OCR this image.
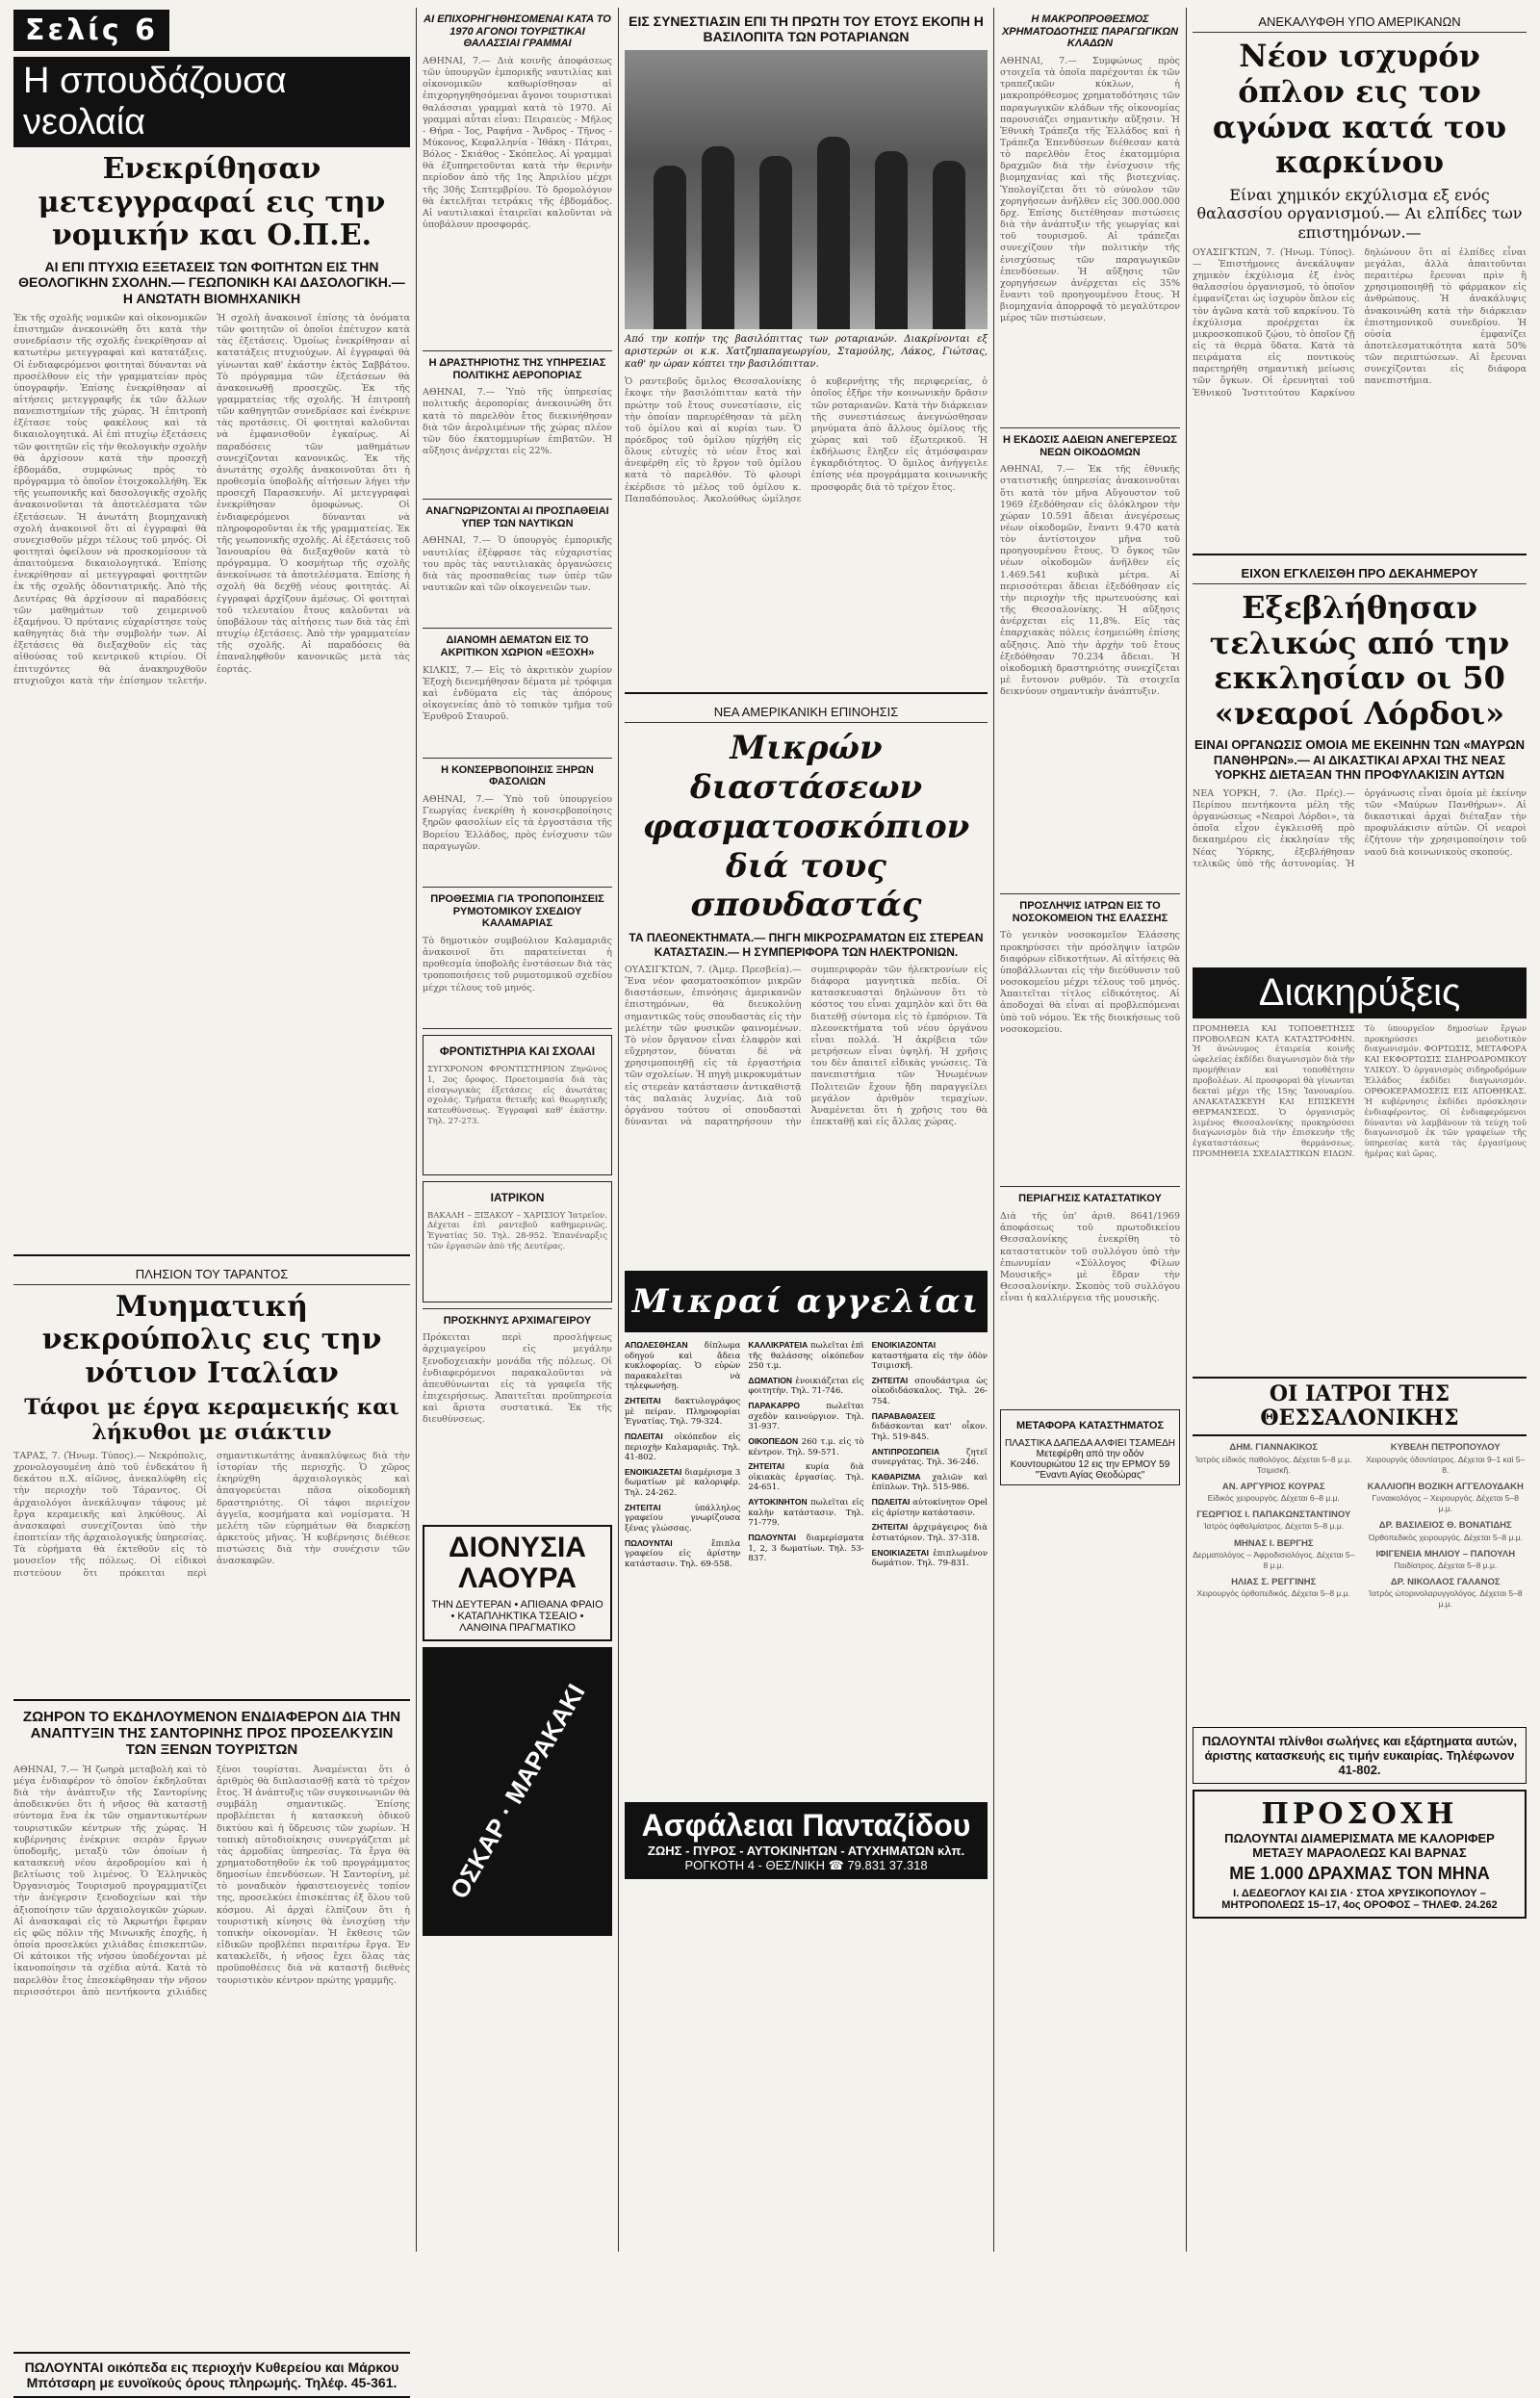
Σελίς 6
Η σπουδάζουσα νεολαία
Ενεκρίθησαν μετεγγραφαί εις την νομικήν και Ο.Π.Ε.
ΑΙ ΕΠΙ ΠΤΥΧΙΩ ΕΞΕΤΑΣΕΙΣ ΤΩΝ ΦΟΙΤΗΤΩΝ ΕΙΣ ΤΗΝ ΘΕΟΛΟΓΙΚΗΝ ΣΧΟΛΗΝ.— ΓΕΩΠΟΝΙΚΗ ΚΑΙ ΔΑΣΟΛΟΓΙΚΗ.— Η ΑΝΩΤΑΤΗ ΒΙΟΜΗΧΑΝΙΚΗ
Ἐκ τῆς σχολῆς νομικῶν καὶ οἰκονομικῶν ἐπιστημῶν ἀνεκοινώθη ὅτι κατὰ τὴν συνεδρίασιν τῆς σχολῆς ἐνεκρίθησαν αἱ κατωτέρω μετεγγραφαὶ καὶ κατατάξεις. Οἱ ἐνδιαφερόμενοι φοιτηταὶ δύνανται νὰ προσέλθουν εἰς τὴν γραμματείαν πρὸς ὑπογραφήν. Ἐπίσης ἐνεκρίθησαν αἱ αἰτήσεις μετεγγραφῆς ἐκ τῶν ἄλλων πανεπιστημίων τῆς χώρας. Ἡ ἐπιτροπὴ ἐξέτασε τοὺς φακέλους καὶ τὰ δικαιολογητικά. Αἱ ἐπὶ πτυχίῳ ἐξετάσεις τῶν φοιτητῶν εἰς τὴν θεολογικὴν σχολὴν θὰ ἀρχίσουν κατὰ τὴν προσεχῆ ἑβδομάδα, συμφώνως πρὸς τὸ πρόγραμμα τὸ ὁποῖον ἐτοιχοκολλήθη. Ἐκ τῆς γεωπονικῆς καὶ δασολογικῆς σχολῆς ἀνακοινοῦνται τὰ ἀποτελέσματα τῶν ἐξετάσεων. Ἡ ἀνωτάτη βιομηχανικὴ σχολὴ ἀνακοινοῖ ὅτι αἱ ἐγγραφαὶ θὰ συνεχισθοῦν μέχρι τέλους τοῦ μηνός. Οἱ φοιτηταὶ ὀφείλουν νὰ προσκομίσουν τὰ ἀπαιτούμενα δικαιολογητικά. Ἐπίσης ἐνεκρίθησαν αἱ μετεγγραφαὶ φοιτητῶν ἐκ τῆς σχολῆς ὀδοντιατρικῆς. Ἀπὸ τῆς Δευτέρας θὰ ἀρχίσουν αἱ παραδόσεις τῶν μαθημάτων τοῦ χειμερινοῦ ἑξαμήνου. Ὁ πρύτανις εὐχαρίστησε τοὺς καθηγητὰς διὰ τὴν συμβολήν των. Αἱ ἐξετάσεις θὰ διεξαχθοῦν εἰς τὰς αἰθούσας τοῦ κεντρικοῦ κτιρίου. Οἱ ἐπιτυχόντες θὰ ἀνακηρυχθοῦν πτυχιοῦχοι κατὰ τὴν ἐπίσημον τελετήν. Ἡ σχολὴ ἀνακοινοῖ ἐπίσης τὰ ὀνόματα τῶν φοιτητῶν οἱ ὁποῖοι ἐπέτυχον κατὰ τὰς ἐξετάσεις. Ὁμοίως ἐνεκρίθησαν αἱ κατατάξεις πτυχιούχων. Αἱ ἐγγραφαὶ θὰ γίνωνται καθ' ἑκάστην ἐκτὸς Σαββάτου. Τὸ πρόγραμμα τῶν ἐξετάσεων θὰ ἀνακοινωθῇ προσεχῶς. Ἐκ τῆς γραμματείας τῆς σχολῆς. Ἡ ἐπιτροπὴ τῶν καθηγητῶν συνεδρίασε καὶ ἐνέκρινε τὰς προτάσεις. Οἱ φοιτηταὶ καλοῦνται νὰ ἐμφανισθοῦν ἐγκαίρως. Αἱ παραδόσεις τῶν μαθημάτων συνεχίζονται κανονικῶς. Ἐκ τῆς ἀνωτάτης σχολῆς ἀνακοινοῦται ὅτι ἡ προθεσμία ὑποβολῆς αἰτήσεων λήγει τὴν προσεχῆ Παρασκευήν. Αἱ μετεγγραφαὶ ἐνεκρίθησαν ὁμοφώνως. Οἱ ἐνδιαφερόμενοι δύνανται νὰ πληροφοροῦνται ἐκ τῆς γραμματείας. Ἐκ τῆς γεωπονικῆς σχολῆς. Αἱ ἐξετάσεις τοῦ Ἰανουαρίου θὰ διεξαχθοῦν κατὰ τὸ πρόγραμμα. Ὁ κοσμήτωρ τῆς σχολῆς ἀνεκοίνωσε τὰ ἀποτελέσματα. Ἐπίσης ἡ σχολὴ θὰ δεχθῇ νέους φοιτητάς. Αἱ ἐγγραφαὶ ἀρχίζουν ἀμέσως. Οἱ φοιτηταὶ τοῦ τελευταίου ἔτους καλοῦνται νὰ ὑποβάλουν τὰς αἰτήσεις των διὰ τὰς ἐπὶ πτυχίῳ ἐξετάσεις. Ἀπὸ τὴν γραμματείαν τῆς σχολῆς. Αἱ παραδόσεις θὰ ἐπαναληφθοῦν κανονικῶς μετὰ τὰς ἑορτάς.
ΠΛΗΣΙΟΝ ΤΟΥ ΤΑΡΑΝΤΟΣ
Μυηματική νεκρούπολις εις την νότιον Ιταλίαν
Τάφοι με έργα κεραμεικής και λήκυθοι με σιάκτιν
ΤΑΡΑΣ, 7. (Ἠνωμ. Τύπος).— Νεκρόπολις, χρονολογουμένη ἀπὸ τοῦ ἐνδεκάτου ἢ δεκάτου π.Χ. αἰῶνος, ἀνεκαλύφθη εἰς τὴν περιοχὴν τοῦ Τάραντος. Οἱ ἀρχαιολόγοι ἀνεκάλυψαν τάφους μὲ ἔργα κεραμεικῆς καὶ ληκύθους. Αἱ ἀνασκαφαὶ συνεχίζονται ὑπὸ τὴν ἐποπτείαν τῆς ἀρχαιολογικῆς ὑπηρεσίας. Τὰ εὑρήματα θὰ ἐκτεθοῦν εἰς τὸ μουσεῖον τῆς πόλεως. Οἱ εἰδικοὶ πιστεύουν ὅτι πρόκειται περὶ σημαντικωτάτης ἀνακαλύψεως διὰ τὴν ἱστορίαν τῆς περιοχῆς. Ὁ χῶρος ἐκηρύχθη ἀρχαιολογικὸς καὶ ἀπαγορεύεται πᾶσα οἰκοδομικὴ δραστηριότης. Οἱ τάφοι περιείχον ἀγγεῖα, κοσμήματα καὶ νομίσματα. Ἡ μελέτη τῶν εὑρημάτων θὰ διαρκέσῃ ἀρκετοὺς μῆνας. Ἡ κυβέρνησις διέθεσε πιστώσεις διὰ τὴν συνέχισιν τῶν ἀνασκαφῶν.
ΖΩΗΡΟΝ ΤΟ ΕΚΔΗΛΟΥΜΕΝΟΝ ΕΝΔΙΑΦΕΡΟΝ ΔΙΑ ΤΗΝ ΑΝΑΠΤΥΞΙΝ ΤΗΣ ΣΑΝΤΟΡΙΝΗΣ ΠΡΟΣ ΠΡΟΣΕΛΚΥΣΙΝ ΤΩΝ ΞΕΝΩΝ ΤΟΥΡΙΣΤΩΝ
ΑΘΗΝΑΙ, 7.— Ἡ ζωηρὰ μεταβολὴ καὶ τὸ μέγα ἐνδιαφέρον τὸ ὁποῖον ἐκδηλοῦται διὰ τὴν ἀνάπτυξιν τῆς Σαντορίνης ἀποδεικνύει ὅτι ἡ νῆσος θὰ καταστῇ σύντομα ἕνα ἐκ τῶν σημαντικωτέρων τουριστικῶν κέντρων τῆς χώρας. Ἡ κυβέρνησις ἐνέκρινε σειρὰν ἔργων ὑποδομῆς, μεταξὺ τῶν ὁποίων ἡ κατασκευὴ νέου ἀεροδρομίου καὶ ἡ βελτίωσις τοῦ λιμένος. Ὁ Ἑλληνικὸς Ὀργανισμὸς Τουρισμοῦ προγραμματίζει τὴν ἀνέγερσιν ξενοδοχείων καὶ τὴν ἀξιοποίησιν τῶν ἀρχαιολογικῶν χώρων. Αἱ ἀνασκαφαὶ εἰς τὸ Ἀκρωτήρι ἔφεραν εἰς φῶς πόλιν τῆς Μινωικῆς ἐποχῆς, ἡ ὁποία προσελκύει χιλιάδας ἐπισκεπτῶν. Οἱ κάτοικοι τῆς νήσου ὑποδέχονται μὲ ἱκανοποίησιν τὰ σχέδια αὐτά. Κατὰ τὸ παρελθὸν ἔτος ἐπεσκέφθησαν τὴν νῆσον περισσότεροι ἀπὸ πεντήκοντα χιλιάδες ξένοι τουρίσται. Ἀναμένεται ὅτι ὁ ἀριθμὸς θὰ διπλασιασθῇ κατὰ τὸ τρέχον ἔτος. Ἡ ἀνάπτυξις τῶν συγκοινωνιῶν θὰ συμβάλῃ σημαντικῶς. Ἐπίσης προβλέπεται ἡ κατασκευὴ ὁδικοῦ δικτύου καὶ ἡ ὕδρευσις τῶν χωρίων. Ἡ τοπικὴ αὐτοδιοίκησις συνεργάζεται μὲ τὰς ἀρμοδίας ὑπηρεσίας. Τὰ ἔργα θὰ χρηματοδοτηθοῦν ἐκ τοῦ προγράμματος δημοσίων ἐπενδύσεων. Ἡ Σαντορίνη, μὲ τὸ μοναδικὸν ἡφαιστειογενὲς τοπίον της, προσελκύει ἐπισκέπτας ἐξ ὅλου τοῦ κόσμου. Αἱ ἀρχαὶ ἐλπίζουν ὅτι ἡ τουριστικὴ κίνησις θὰ ἐνισχύσῃ τὴν τοπικὴν οἰκονομίαν. Ἡ ἔκθεσις τῶν εἰδικῶν προβλέπει περαιτέρω ἔργα. Ἐν κατακλεῖδι, ἡ νῆσος ἔχει ὅλας τὰς προϋποθέσεις διὰ νὰ καταστῇ διεθνὲς τουριστικὸν κέντρον πρώτης γραμμῆς.
ΠΩΛΟΥΝΤΑΙ οικόπεδα εις περιοχήν Κυθερείου και Μάρκου Μπότσαρη με ευνοϊκούς όρους πληρωμής. Τηλέφ. 45-361.
ΑΙ ΕΠΙΧΟΡΗΓΗΘΗΣΟΜΕΝΑΙ ΚΑΤΑ ΤΟ 1970 ΑΓΟΝΟΙ ΤΟΥΡΙΣΤΙΚΑΙ ΘΑΛΑΣΣΙΑΙ ΓΡΑΜΜΑΙ
ΑΘΗΝΑΙ, 7.— Διὰ κοινῆς ἀποφάσεως τῶν ὑπουργῶν ἐμπορικῆς ναυτιλίας καὶ οἰκονομικῶν καθωρίσθησαν αἱ ἐπιχορηγηθησόμεναι ἄγονοι τουριστικαὶ θαλάσσιαι γραμμαὶ κατὰ τὸ 1970. Αἱ γραμμαὶ αὗται εἶναι: Πειραιεὺς - Μῆλος - Θήρα - Ἰος, Ραφήνα - Ἄνδρος - Τῆνος - Μύκονος, Κεφαλληνία - Ἰθάκη - Πάτραι, Βόλος - Σκιάθος - Σκόπελος. Αἱ γραμμαὶ θὰ ἐξυπηρετοῦνται κατὰ τὴν θερινὴν περίοδον ἀπὸ τῆς 1ης Ἀπριλίου μέχρι τῆς 30ῆς Σεπτεμβρίου. Τὸ δρομολόγιον θὰ ἐκτελῆται τετράκις τῆς ἑβδομάδος. Αἱ ναυτιλιακαὶ ἑταιρεῖαι καλοῦνται νὰ ὑποβάλουν προσφοράς.
Η ΔΡΑΣΤΗΡΙΟΤΗΣ ΤΗΣ ΥΠΗΡΕΣΙΑΣ ΠΟΛΙΤΙΚΗΣ ΑΕΡΟΠΟΡΙΑΣ
ΑΘΗΝΑΙ, 7.— Ὑπὸ τῆς ὑπηρεσίας πολιτικῆς ἀεροπορίας ἀνεκοινώθη ὅτι κατὰ τὸ παρελθὸν ἔτος διεκινήθησαν διὰ τῶν ἀερολιμένων τῆς χώρας πλέον τῶν δύο ἑκατομμυρίων ἐπιβατῶν. Ἡ αὔξησις ἀνέρχεται εἰς 22%.
ΑΝΑΓΝΩΡΙΖΟΝΤΑΙ ΑΙ ΠΡΟΣΠΑΘΕΙΑΙ ΥΠΕΡ ΤΩΝ ΝΑΥΤΙΚΩΝ
ΑΘΗΝΑΙ, 7.— Ὁ ὑπουργὸς ἐμπορικῆς ναυτιλίας ἐξέφρασε τὰς εὐχαριστίας του πρὸς τὰς ναυτιλιακὰς ὀργανώσεις διὰ τὰς προσπαθείας των ὑπὲρ τῶν ναυτικῶν καὶ τῶν οἰκογενειῶν των.
ΔΙΑΝΟΜΗ ΔΕΜΑΤΩΝ ΕΙΣ ΤΟ ΑΚΡΙΤΙΚΟΝ ΧΩΡΙΟΝ «ΕΞΟΧΗ»
ΚΙΛΚΙΣ, 7.— Εἰς τὸ ἀκριτικὸν χωρίον Ἐξοχὴ διενεμήθησαν δέματα μὲ τρόφιμα καὶ ἐνδύματα εἰς τὰς ἀπόρους οἰκογενείας ἀπὸ τὸ τοπικὸν τμῆμα τοῦ Ἐρυθροῦ Σταυροῦ.
Η ΚΟΝΣΕΡΒΟΠΟΙΗΣΙΣ ΞΗΡΩΝ ΦΑΣΟΛΙΩΝ
ΑΘΗΝΑΙ, 7.— Ὑπὸ τοῦ ὑπουργείου Γεωργίας ἐνεκρίθη ἡ κονσερβοποίησις ξηρῶν φασολίων εἰς τὰ ἐργοστάσια τῆς Βορείου Ἑλλάδος, πρὸς ἐνίσχυσιν τῶν παραγωγῶν.
ΠΡΟΘΕΣΜΙΑ ΓΙΑ ΤΡΟΠΟΠΟΙΗΣΕΙΣ ΡΥΜΟΤΟΜΙΚΟΥ ΣΧΕΔΙΟΥ ΚΑΛΑΜΑΡΙΑΣ
Τὸ δημοτικὸν συμβούλιον Καλαμαριᾶς ἀνακοινοῖ ὅτι παρατείνεται ἡ προθεσμία ὑποβολῆς ἐνστάσεων διὰ τὰς τροποποιήσεις τοῦ ρυμοτομικοῦ σχεδίου μέχρι τέλους τοῦ μηνός.
ΦΡΟΝΤΙΣΤΗΡΙΑ ΚΑΙ ΣΧΟΛΑΙ
ΣΥΓΧΡΟΝΟΝ ΦΡΟΝΤΙΣΤΗΡΙΟΝ Ζηνῶνος 1, 2ος ὄροφος. Προετοιμασία διὰ τὰς εἰσαγωγικὰς ἐξετάσεις εἰς ἀνωτάτας σχολάς. Τμήματα θετικῆς καὶ θεωρητικῆς κατευθύνσεως. Ἐγγραφαὶ καθ' ἑκάστην. Τηλ. 27-273.
ΙΑΤΡΙΚΟΝ
ΒΑΚΑΛΗ – ΞΙΞΑΚΟΥ – ΧΑΡΙΣΙΟΥ Ἰατρεῖον. Δέχεται ἐπὶ ραντεβοῦ καθημερινῶς. Ἐγνατίας 50. Τηλ. 28-952. Ἐπανέναρξις τῶν ἐργασιῶν ἀπὸ τῆς Δευτέρας.
ΠΡΟΣΚΗΝΥΣ ΑΡΧΙΜΑΓΕΙΡΟΥ
Πρόκειται περὶ προσλήψεως ἀρχιμαγείρου εἰς μεγάλην ξενοδοχειακὴν μονάδα τῆς πόλεως. Οἱ ἐνδιαφερόμενοι παρακαλοῦνται νὰ ἀπευθύνωνται εἰς τὰ γραφεῖα τῆς ἐπιχειρήσεως. Ἀπαιτεῖται προϋπηρεσία καὶ ἄριστα συστατικά. Ἐκ τῆς διευθύνσεως.
ΔΙΟΝΥΣΙΑ ΛΑΟΥΡΑ
ΤΗΝ ΔΕΥΤΕΡΑΝ • ΑΠΙΘΑΝΑ ΦΡΑΙΟ • ΚΑΤΑΠΛΗΚΤΙΚΑ ΤΣΕΑΙΟ • ΛΑΝΘΙΝΑ ΠΡΑΓΜΑΤΙΚΟ
ΟΣΚΑΡ · ΜΑΡΑΚΑΚΙ
ΕΙΣ ΣΥΝΕΣΤΙΑΣΙΝ ΕΠΙ ΤΗ ΠΡΩΤΗ ΤΟΥ ΕΤΟΥΣ ΕΚΟΠΗ Η ΒΑΣΙΛΟΠΙΤΑ ΤΩΝ ΡΟΤΑΡΙΑΝΩΝ
Από την κοπήν της βασιλόπιττας των ροταριανών. Διακρίνονται εξ αριστερών οι κ.κ. Χατζηπαπαγεωργίου, Σταμούλης, Λάκος, Γιώτσας, καθ' ην ώραν κόπτει την βασιλόπιτταν.
Ὁ ραντεβοῦς ὄμιλος Θεσσαλονίκης ἔκοψε τὴν βασιλόπιτταν κατὰ τὴν πρώτην τοῦ ἔτους συνεστίασιν, εἰς τὴν ὁποίαν παρευρέθησαν τὰ μέλη τοῦ ὁμίλου καὶ αἱ κυρίαι των. Ὁ πρόεδρος τοῦ ὁμίλου ηὐχήθη εἰς ὅλους εὐτυχὲς τὸ νέον ἔτος καὶ ἀνεφέρθη εἰς τὸ ἔργον τοῦ ὁμίλου κατὰ τὸ παρελθόν. Τὸ φλουρὶ ἐκέρδισε τὸ μέλος τοῦ ὁμίλου κ. Παπαδόπουλος. Ἀκολούθως ὡμίλησε ὁ κυβερνήτης τῆς περιφερείας, ὁ ὁποῖος ἐξῆρε τὴν κοινωνικὴν δρᾶσιν τῶν ροταριανῶν. Κατὰ τὴν διάρκειαν τῆς συνεστιάσεως ἀνεγνώσθησαν μηνύματα ἀπὸ ἄλλους ὁμίλους τῆς χώρας καὶ τοῦ ἐξωτερικοῦ. Ἡ ἐκδήλωσις ἔληξεν εἰς ἀτμόσφαιραν ἐγκαρδιότητος. Ὁ ὅμιλος ἀνήγγειλε ἐπίσης νέα προγράμματα κοινωνικῆς προσφορᾶς διὰ τὸ τρέχον ἔτος.
ΝΕΑ ΑΜΕΡΙΚΑΝΙΚΗ ΕΠΙΝΟΗΣΙΣ
Μικρών διαστάσεων φασματοσκόπιον διά τους σπουδαστάς
ΤΑ ΠΛΕΟΝΕΚΤΗΜΑΤΑ.— ΠΗΓΗ ΜΙΚΡΟΣΡΑΜΑΤΩΝ ΕΙΣ ΣΤΕΡΕΑΝ ΚΑΤΑΣΤΑΣΙΝ.— Η ΣΥΜΠΕΡΙΦΟΡΑ ΤΩΝ ΗΛΕΚΤΡΟΝΙΩΝ.
ΟΥΑΣΙΓΚΤΩΝ, 7. (Ἀμερ. Πρεσβεία).— Ἕνα νέον φασματοσκόπιον μικρῶν διαστάσεων, ἐπινόησις ἀμερικανῶν ἐπιστημόνων, θὰ διευκολύνῃ σημαντικῶς τοὺς σπουδαστὰς εἰς τὴν μελέτην τῶν φυσικῶν φαινομένων. Τὸ νέον ὄργανον εἶναι ἐλαφρὸν καὶ εὔχρηστον, δύναται δὲ νὰ χρησιμοποιηθῇ εἰς τὰ ἐργαστήρια τῶν σχολείων. Ἡ πηγὴ μικροκυμάτων εἰς στερεὰν κατάστασιν ἀντικαθιστᾷ τὰς παλαιὰς λυχνίας. Διὰ τοῦ ὀργάνου τούτου οἱ σπουδασταὶ δύνανται νὰ παρατηρήσουν τὴν συμπεριφορὰν τῶν ἠλεκτρονίων εἰς διάφορα μαγνητικὰ πεδία. Οἱ κατασκευασταὶ δηλώνουν ὅτι τὸ κόστος του εἶναι χαμηλὸν καὶ ὅτι θὰ διατεθῇ σύντομα εἰς τὸ ἐμπόριον. Τὰ πλεονεκτήματα τοῦ νέου ὀργάνου εἶναι πολλά. Ἡ ἀκρίβεια τῶν μετρήσεων εἶναι ὑψηλή. Ἡ χρῆσις του δὲν ἀπαιτεῖ εἰδικὰς γνώσεις. Τὰ πανεπιστήμια τῶν Ἡνωμένων Πολιτειῶν ἔχουν ἤδη παραγγείλει μεγάλον ἀριθμὸν τεμαχίων. Ἀναμένεται ὅτι ἡ χρῆσις του θὰ ἐπεκταθῇ καὶ εἰς ἄλλας χώρας.
Μικραί αγγελίαι

ΑΠΩΛΕΣΘΗΣΑΝ δίπλωμα οδηγού καὶ ἄδεια κυκλοφορίας. Ὁ εὑρὼν παρακαλεῖται νὰ τηλεφωνήσῃ.

ΖΗΤΕΙΤΑΙ δακτυλογράφος μὲ πείραν. Πληροφορίαι Ἐγνατίας. Τηλ. 79-324.

ΠΩΛΕΙΤΑΙ οἰκόπεδον εἰς περιοχὴν Καλαμαριᾶς. Τηλ. 41-802.

ΕΝΟΙΚΙΑΖΕΤΑΙ διαμέρισμα 3 δωματίων μὲ καλοριφέρ. Τηλ. 24-262.

ΖΗΤΕΙΤΑΙ ὑπάλληλος γραφείου γνωρίζουσα ξένας γλώσσας.

ΠΩΛΟΥΝΤΑΙ ἔπιπλα γραφείου εἰς ἀρίστην κατάστασιν. Τηλ. 69-558.

ΚΑΛΛΙΚΡΑΤΕΙΑ πωλεῖται ἐπὶ τῆς θαλάσσης οἰκόπεδον 250 τ.μ.

ΔΩΜΑΤΙΟΝ ἐνοικιάζεται εἰς φοιτητὴν. Τηλ. 71-746.

ΠΑΡΑΚΑΡΡΟ πωλεῖται σχεδὸν καινούργιον. Τηλ. 31-937.

ΟΙΚΟΠΕΔΟΝ 260 τ.μ. εἰς τὸ κέντρον. Τηλ. 59-571.

ΖΗΤΕΙΤΑΙ κυρία διὰ οἰκιακὰς ἐργασίας. Τηλ. 24-651.

ΑΥΤΟΚΙΝΗΤΟΝ πωλεῖται εἰς καλὴν κατάστασιν. Τηλ. 71-779.

ΠΩΛΟΥΝΤΑΙ διαμερίσματα 1, 2, 3 δωματίων. Τηλ. 53-837.

ΕΝΟΙΚΙΑΖΟΝΤΑΙ καταστήματα εἰς τὴν ὁδὸν Τσιμισκῆ.

ΖΗΤΕΙΤΑΙ σπουδάστρια ὡς οἰκοδιδάσκαλος. Τηλ. 26-754.

ΠΑΡΑΒΑΘΑΣΕΙΣ διδάσκονται κατ' οἶκον. Τηλ. 519-845.

ΑΝΤΙΠΡΟΣΩΠΕΙΑ ζητεῖ συνεργάτας. Τηλ. 36-246.

ΚΑΘΑΡΙΖΜΑ χαλιῶν καὶ ἐπίπλων. Τηλ. 515-986.

ΠΩΛΕΙΤΑΙ αὐτοκίνητον Opel εἰς ἀρίστην κατάστασιν.

ΖΗΤΕΙΤΑΙ ἀρχιμάγειρος διὰ ἑστιατόριον. Τηλ. 37-318.

ΕΝΟΙΚΙΑΖΕΤΑΙ ἐπιπλωμένον δωμάτιον. Τηλ. 79-831.

Ασφάλειαι Πανταζίδου
ΖΩΗΣ - ΠΥΡΟΣ - ΑΥΤΟΚΙΝΗΤΩΝ - ΑΤΥΧΗΜΑΤΩΝ κλπ.
ΡΟΓΚΟΤΗ 4 - ΘΕΣ/ΝΙΚΗ ☎ 79.831 37.318
Η ΜΑΚΡΟΠΡΟΘΕΣΜΟΣ ΧΡΗΜΑΤΟΔΟΤΗΣΙΣ ΠΑΡΑΓΩΓΙΚΩΝ ΚΛΑΔΩΝ
ΑΘΗΝΑΙ, 7.— Συμφώνως πρὸς στοιχεῖα τὰ ὁποῖα παρέχονται ἐκ τῶν τραπεζικῶν κύκλων, ἡ μακροπρόθεσμος χρηματοδότησις τῶν παραγωγικῶν κλάδων τῆς οἰκονομίας παρουσιάζει σημαντικὴν αὔξησιν. Ἡ Ἐθνικὴ Τράπεζα τῆς Ἑλλάδος καὶ ἡ Τράπεζα Ἐπενδύσεων διέθεσαν κατὰ τὸ παρελθὸν ἔτος ἑκατομμύρια δραχμῶν διὰ τὴν ἐνίσχυσιν τῆς βιομηχανίας καὶ τῆς βιοτεχνίας. Ὑπολογίζεται ὅτι τὸ σύνολον τῶν χορηγήσεων ἀνῆλθεν εἰς 300.000.000 δρχ. Ἐπίσης διετέθησαν πιστώσεις διὰ τὴν ἀνάπτυξιν τῆς γεωργίας καὶ τοῦ τουρισμοῦ. Αἱ τράπεζαι συνεχίζουν τὴν πολιτικὴν τῆς ἐνισχύσεως τῶν παραγωγικῶν ἐπενδύσεων. Ἡ αὔξησις τῶν χορηγήσεων ἀνέρχεται εἰς 35% ἔναντι τοῦ προηγουμένου ἔτους. Ἡ βιομηχανία ἀπορροφᾷ τὸ μεγαλύτερον μέρος τῶν πιστώσεων.
Η ΕΚΔΟΣΙΣ ΑΔΕΙΩΝ ΑΝΕΓΕΡΣΕΩΣ ΝΕΩΝ ΟΙΚΟΔΟΜΩΝ
ΑΘΗΝΑΙ, 7.— Ἐκ τῆς ἐθνικῆς στατιστικῆς ὑπηρεσίας ἀνακοινοῦται ὅτι κατὰ τὸν μῆνα Αὔγουστον τοῦ 1969 ἐξεδόθησαν εἰς ὁλόκληρον τὴν χώραν 10.591 ἄδειαι ἀνεγέρσεως νέων οἰκοδομῶν, ἔναντι 9.470 κατὰ τὸν ἀντίστοιχον μῆνα τοῦ προηγουμένου ἔτους. Ὁ ὄγκος τῶν νέων οἰκοδομῶν ἀνῆλθεν εἰς 1.469.541 κυβικὰ μέτρα. Αἱ περισσότεραι ἄδειαι ἐξεδόθησαν εἰς τὴν περιοχὴν τῆς πρωτευούσης καὶ τῆς Θεσσαλονίκης. Ἡ αὔξησις ἀνέρχεται εἰς 11,8%. Εἰς τὰς ἐπαρχιακὰς πόλεις ἐσημειώθη ἐπίσης αὔξησις. Ἀπὸ τὴν ἀρχὴν τοῦ ἔτους ἐξεδόθησαν 70.234 ἄδειαι. Ἡ οἰκοδομικὴ δραστηριότης συνεχίζεται μὲ ἔντονον ρυθμόν. Τὰ στοιχεῖα δεικνύουν σημαντικὴν ἀνάπτυξιν.
ΠΡΟΣΛΗΨΙΣ ΙΑΤΡΩΝ ΕΙΣ ΤΟ ΝΟΣΟΚΟΜΕΙΟΝ ΤΗΣ ΕΛΑΣΣΗΣ
Τὸ γενικὸν νοσοκομεῖον Ἐλάσσης προκηρύσσει τὴν πρόσληψιν ἰατρῶν διαφόρων εἰδικοτήτων. Αἱ αἰτήσεις θὰ ὑποβάλλωνται εἰς τὴν διεύθυνσιν τοῦ νοσοκομείου μέχρι τέλους τοῦ μηνός. Ἀπαιτεῖται τίτλος εἰδικότητος. Αἱ ἀποδοχαὶ θὰ εἶναι αἱ προβλεπόμεναι ὑπὸ τοῦ νόμου. Ἐκ τῆς διοικήσεως τοῦ νοσοκομείου.
ΠΕΡΙΑΓΗΣΙΣ ΚΑΤΑΣΤΑΤΙΚΟΥ
Διὰ τῆς ὑπ' ἀριθ. 8641/1969 ἀποφάσεως τοῦ πρωτοδικείου Θεσσαλονίκης ἐνεκρίθη τὸ καταστατικὸν τοῦ συλλόγου ὑπὸ τὴν ἐπωνυμίαν «Σύλλογος Φίλων Μουσικῆς» μὲ ἕδραν τὴν Θεσσαλονίκην. Σκοπὸς τοῦ συλλόγου εἶναι ἡ καλλιέργεια τῆς μουσικῆς.
ΜΕΤΑΦΟΡΑ ΚΑΤΑΣΤΗΜΑΤΟΣ
ΠΛΑΣΤΙΚΑ ΔΑΠΕΔΑ ΑΛΦΙΕΙ ΤΣΑΜΕΔΗ Μετεφέρθη από την οδόν Κουντουριώτου 12 εις την ΕΡΜΟΥ 59 "Έναντι Αγίας Θεοδώρας"
ΑΝΕΚΑΛΥΦΘΗ ΥΠΟ ΑΜΕΡΙΚΑΝΩΝ
Νέον ισχυρόν όπλον εις τον αγώνα κατά του καρκίνου
Είναι χημικόν εκχύλισμα εξ ενός θαλασσίου οργανισμού.— Αι ελπίδες των επιστημόνων.—
ΟΥΑΣΙΓΚΤΩΝ, 7. (Ἠνωμ. Τύπος).— Ἐπιστήμονες ἀνεκάλυψαν χημικὸν ἐκχύλισμα ἐξ ἑνὸς θαλασσίου ὀργανισμοῦ, τὸ ὁποῖον ἐμφανίζεται ὡς ἰσχυρὸν ὅπλον εἰς τὸν ἀγῶνα κατὰ τοῦ καρκίνου. Τὸ ἐκχύλισμα προέρχεται ἐκ μικροσκοπικοῦ ζῴου, τὸ ὁποῖον ζῇ εἰς τὰ θερμὰ ὕδατα. Κατὰ τὰ πειράματα εἰς ποντικοὺς παρετηρήθη σημαντικὴ μείωσις τῶν ὄγκων. Οἱ ἐρευνηταὶ τοῦ Ἐθνικοῦ Ἰνστιτούτου Καρκίνου δηλώνουν ὅτι αἱ ἐλπίδες εἶναι μεγάλαι, ἀλλὰ ἀπαιτοῦνται περαιτέρω ἔρευναι πρὶν ἢ χρησιμοποιηθῇ τὸ φάρμακον εἰς ἀνθρώπους. Ἡ ἀνακάλυψις ἀνακοινώθη κατὰ τὴν διάρκειαν ἐπιστημονικοῦ συνεδρίου. Ἡ οὐσία ἐμφανίζει ἀποτελεσματικότητα κατὰ 50% τῶν περιπτώσεων. Αἱ ἔρευναι συνεχίζονται εἰς διάφορα πανεπιστήμια.
ΕΙΧΟΝ ΕΓΚΛΕΙΣΘΗ ΠΡΟ ΔΕΚΑΗΜΕΡΟΥ
Εξεβλήθησαν τελικώς από την εκκλησίαν οι 50 «νεαροί Λόρδοι»
ΕΙΝΑΙ ΟΡΓΑΝΩΣΙΣ ΟΜΟΙΑ ΜΕ ΕΚΕΙΝΗΝ ΤΩΝ «ΜΑΥΡΩΝ ΠΑΝΘΗΡΩΝ».— ΑΙ ΔΙΚΑΣΤΙΚΑΙ ΑΡΧΑΙ ΤΗΣ ΝΕΑΣ ΥΟΡΚΗΣ ΔΙΕΤΑΞΑΝ ΤΗΝ ΠΡΟΦΥΛΑΚΙΣΙΝ ΑΥΤΩΝ
ΝΕΑ ΥΟΡΚΗ, 7. (Ἀσ. Πρές).— Περίπου πεντήκοντα μέλη τῆς ὀργανώσεως «Νεαροὶ Λόρδοι», τὰ ὁποῖα εἶχον ἐγκλεισθῆ πρὸ δεκαημέρου εἰς ἐκκλησίαν τῆς Νέας Ὑόρκης, ἐξεβλήθησαν τελικῶς ὑπὸ τῆς ἀστυνομίας. Ἡ ὀργάνωσις εἶναι ὁμοία μὲ ἐκείνην τῶν «Μαύρων Πανθήρων». Αἱ δικαστικαὶ ἀρχαὶ διέταξαν τὴν προφυλάκισιν αὐτῶν. Οἱ νεαροὶ ἐζήτουν τὴν χρησιμοποίησιν τοῦ ναοῦ διὰ κοινωνικοὺς σκοπούς.
Διακηρύξεις
ΠΡΟΜΗΘΕΙΑ ΚΑΙ ΤΟΠΟΘΕΤΗΣΙΣ ΠΡΟΒΟΛΕΩΝ ΚΑΤΑ ΚΑΤΑΣΤΡΟΦΗΝ. Ἡ ἀνώνυμος ἑταιρεία κοινῆς ὠφελείας ἐκδίδει διαγωνισμὸν διὰ τὴν προμήθειαν καὶ τοποθέτησιν προβολέων. Αἱ προσφοραὶ θὰ γίνωνται δεκταὶ μέχρι τῆς 15ης Ἰανουαρίου. ΑΝΑΚΑΤΑΣΚΕΥΗ ΚΑΙ ΕΠΙΣΚΕΥΗ ΘΕΡΜΑΝΣΕΩΣ. Ὁ ὀργανισμὸς λιμένος Θεσσαλονίκης προκηρύσσει διαγωνισμὸν διὰ τὴν ἐπισκευὴν τῆς ἐγκαταστάσεως θερμάνσεως. ΠΡΟΜΗΘΕΙΑ ΣΧΕΔΙΑΣΤΙΚΩΝ ΕΙΔΩΝ. Τὸ ὑπουργεῖον δημοσίων ἔργων προκηρύσσει μειοδοτικὸν διαγωνισμόν. ΦΟΡΤΩΣΙΣ, ΜΕΤΑΦΟΡΑ ΚΑΙ ΕΚΦΟΡΤΩΣΙΣ ΣΙΔΗΡΟΔΡΟΜΙΚΟΥ ΥΛΙΚΟΥ. Ὁ ὀργανισμὸς σιδηροδρόμων Ἑλλάδος ἐκδίδει διαγωνισμόν. ΟΡΘΟΚΕΡΑΜΟΣΕΙΣ ΕΙΣ ΑΠΟΘΗΚΑΣ. Ἡ κυβέρνησις ἐκδίδει πρόσκλησιν ἐνδιαφέροντος. Οἱ ἐνδιαφερόμενοι δύνανται νὰ λαμβάνουν τὰ τεύχη τοῦ διαγωνισμοῦ ἐκ τῶν γραφείων τῆς ὑπηρεσίας κατὰ τὰς ἐργασίμους ἡμέρας καὶ ὥρας.
ΟΙ ΙΑΤΡΟΙ ΤΗΣ ΘΕΣΣΑΛΟΝΙΚΗΣ
ΔΗΜ. ΓΙΑΝΝΑΚΙΚΟΣ
Ἰατρὸς εἰδικὸς παθολόγος. Δέχεται 5–8 μ.μ. Τσιμισκῆ.
ΑΝ. ΑΡΓΥΡΙΟΣ ΚΟΥΡΑΣ
Εἰδικὸς χειρουργὸς. Δέχεται 6–8 μ.μ.
ΓΕΩΡΓΙΟΣ Ι. ΠΑΠΑΚΩΝΣΤΑΝΤΙΝΟΥ
Ἰατρὸς ὀφθαλμίατρος. Δέχεται 5–8 μ.μ.
ΜΗΝΑΣ Ι. ΒΕΡΓΗΣ
Δερματολόγος – Ἀφροδισιολόγος. Δέχεται 5–8 μ.μ.
ΗΛΙΑΣ Σ. ΡΕΓΓΙΝΗΣ
Χειρουργὸς ὀρθοπεδικός. Δέχεται 5–8 μ.μ.
ΚΥΒΕΛΗ ΠΕΤΡΟΠΟΥΛΟΥ
Χειρουργὸς ὀδοντίατρος. Δέχεται 9–1 καὶ 5–8.
ΚΑΛΛΙΟΠΗ ΒΟΖΙΚΗ ΑΓΓΕΛΟΥΔΑΚΗ
Γυναικολόγος – Χειρουργός. Δέχεται 5–8 μ.μ.
ΔΡ. ΒΑΣΙΛΕΙΟΣ Θ. ΒΟΝΑΤΙΔΗΣ
Ὀρθοπεδικὸς χειρουργός. Δέχεται 5–8 μ.μ.
ΙΦΙΓΕΝΕΙΑ ΜΗΛΙΟΥ – ΠΑΠΟΥΛΗ
Παιδίατρος. Δέχεται 5–8 μ.μ.
ΔΡ. ΝΙΚΟΛΑΟΣ ΓΑΛΑΝΟΣ
Ἰατρὸς ὠτορινολαρυγγολόγος. Δέχεται 5–8 μ.μ.
ΠΩΛΟΥΝΤΑΙ πλίνθοι σωλήνες και εξάρτηματα αυτών, άριστης κατασκευής εις τιμήν ευκαιρίας. Τηλέφωνον 41-802.
ΠΡΟΣΟΧΗ
ΠΩΛΟΥΝΤΑΙ ΔΙΑΜΕΡΙΣΜΑΤΑ ΜΕ ΚΑΛΟΡΙΦΕΡ ΜΕΤΑΞΥ ΜΑΡΑΟΛΕΩΣ ΚΑΙ ΒΑΡΝΑΣ
ΜΕ 1.000 ΔΡΑΧΜΑΣ ΤΟΝ ΜΗΝΑ
Ι. ΔΕΔΕΟΓΛΟΥ ΚΑΙ ΣΙΑ · ΣΤΟΑ ΧΡΥΣΙΚΟΠΟΥΛΟΥ – ΜΗΤΡΟΠΟΛΕΩΣ 15–17, 4ος ΟΡΟΦΟΣ – ΤΗΛΕΦ. 24.262
